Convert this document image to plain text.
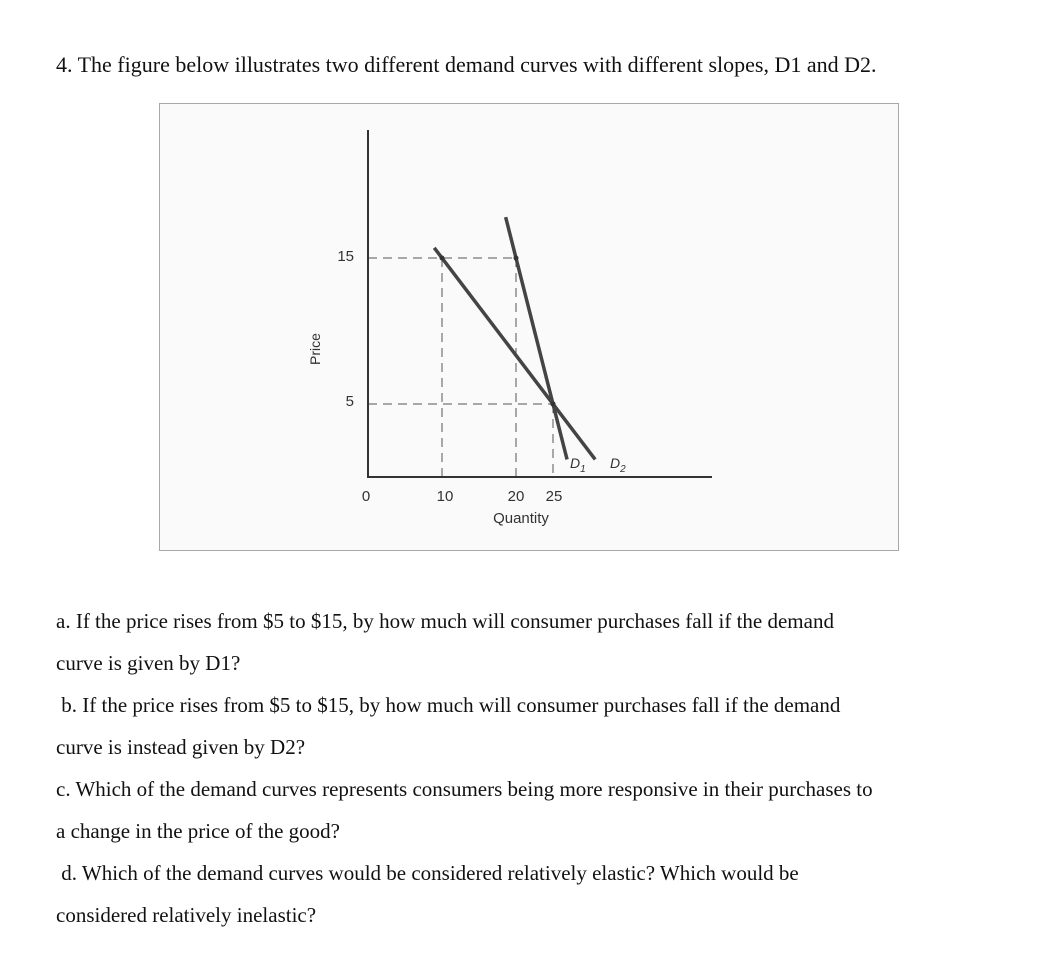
4. The figure below illustrates two different demand curves with different slopes, D1 and D2.
0	10	20 25
15
5
Quantity
Price
$D_1$ $D_2$

a. If the price rises from $5 to $15, by how much will consumer purchases fall if the demand

curve is given by D1?

b. If the price rises from $5 to $15, by how much will consumer purchases fall if the demand

curve is instead given by D2?

c. Which of the demand curves represents consumers being more responsive in their purchases to

a change in the price of the good?

d. Which of the demand curves would be considered relatively elastic? Which would be

considered relatively inelastic?
